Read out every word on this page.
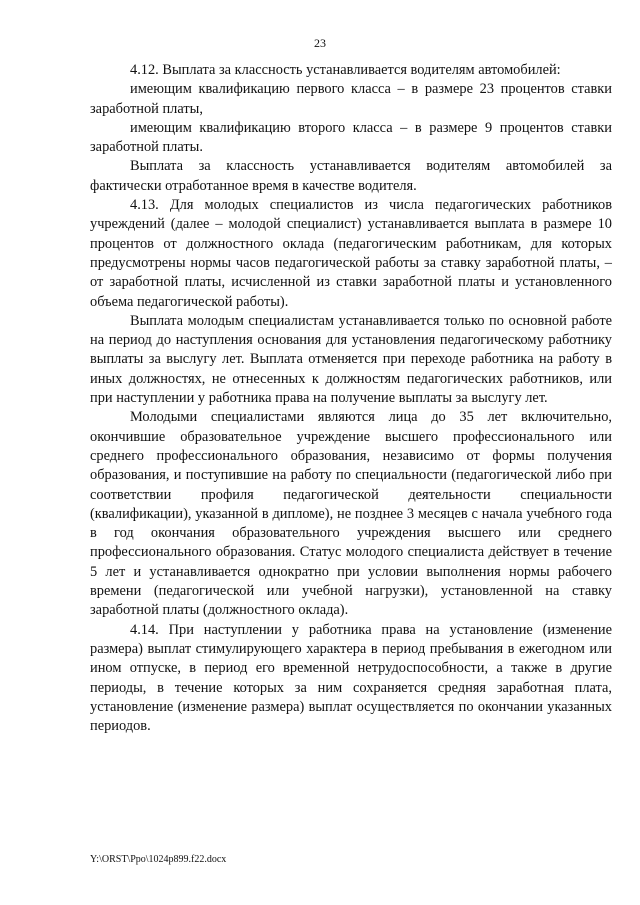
23

4.12. Выплата за классность устанавливается водителям автомобилей:

имеющим квалификацию первого класса – в размере 23 процентов ставки заработной платы,

имеющим квалификацию второго класса – в размере 9 процентов ставки заработной платы.

Выплата за классность устанавливается водителям автомобилей за фактически отработанное время в качестве водителя.

4.13. Для молодых специалистов из числа педагогических работников учреждений (далее – молодой специалист) устанавливается выплата в размере 10 процентов от должностного оклада (педагогическим работникам, для которых предусмотрены нормы часов педагогической работы за ставку заработной платы, – от заработной платы, исчисленной из ставки заработной платы и установленного объема педагогической работы).

Выплата молодым специалистам устанавливается только по основной работе на период до наступления основания для установления педагогическому работнику выплаты за выслугу лет. Выплата отменяется при переходе работника на работу в иных должностях, не отнесенных к должностям педагогических работников, или при наступлении у работника права на получение выплаты за выслугу лет.

Молодыми специалистами являются лица до 35 лет включительно, окончившие образовательное учреждение высшего профессионального или среднего профессионального образования, независимо от формы получения образования, и поступившие на работу по специальности (педагогической либо при соответствии профиля педагогической деятельности специальности (квалификации), указанной в дипломе), не позднее 3 месяцев с начала учебного года в год окончания образовательного учреждения высшего или среднего профессионального образования. Статус молодого специалиста действует в течение 5 лет и устанавливается однократно при условии выполнения нормы рабочего времени (педагогической или учебной нагрузки), установленной на ставку заработной платы (должностного оклада).

4.14. При наступлении у работника права на установление (изменение размера) выплат стимулирующего характера в период пребывания в ежегодном или ином отпуске, в период его временной нетрудоспособности, а также в другие периоды, в течение которых за ним сохраняется средняя заработная плата, установление (изменение размера) выплат осуществляется по окончании указанных периодов.

Y:\ORST\Ppo\1024p899.f22.docx
